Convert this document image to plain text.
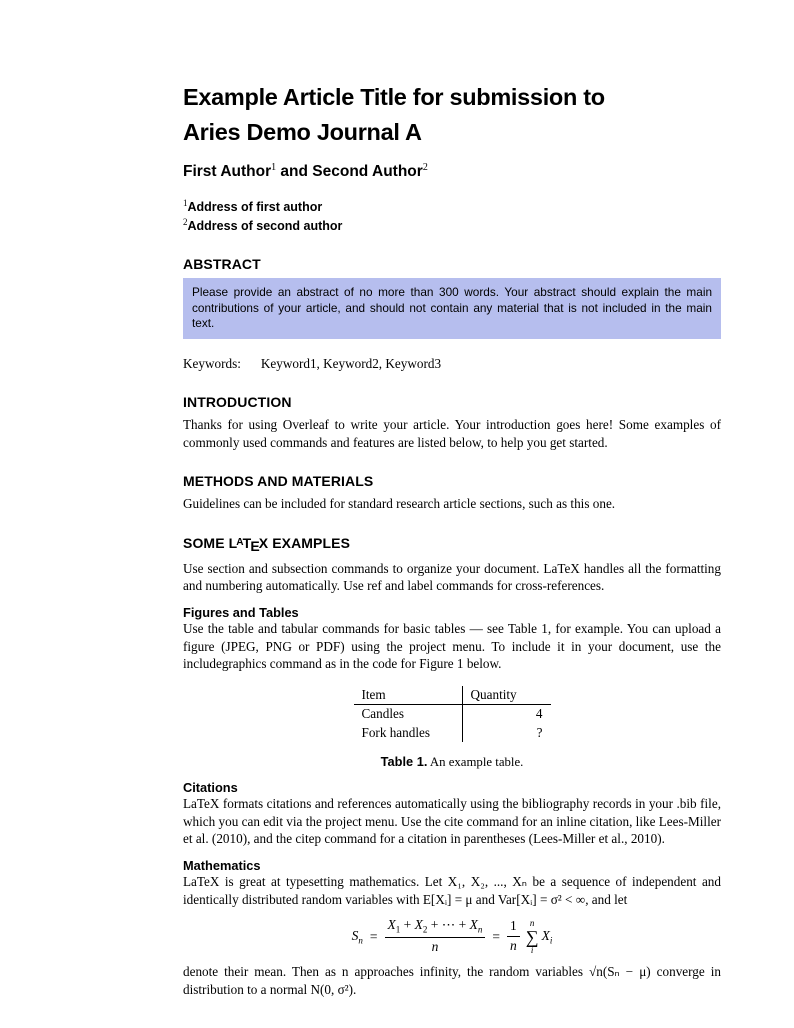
Example Article Title for submission to
Aries Demo Journal A
First Author$^1$ and Second Author$^2$
$^1$Address of first author
$^2$Address of second author
ABSTRACT
Please provide an abstract of no more than 300 words. Your abstract should explain the main contributions of your article, and should not contain any material that is not included in the main text.
Keywords: Keyword1, Keyword2, Keyword3
INTRODUCTION

Thanks for using Overleaf to write your article. Your introduction goes here! Some examples of commonly used commands and features are listed below, to help you get started.

METHODS AND MATERIALS

Guidelines can be included for standard research article sections, such as this one.

SOME LATEX EXAMPLES

Use section and subsection commands to organize your document. LaTeX handles all the formatting and numbering automatically. Use ref and label commands for cross-references.

Figures and Tables

Use the table and tabular commands for basic tables — see Table 1, for example. You can upload a figure (JPEG, PNG or PDF) using the project menu. To include it in your document, use the includegraphics command as in the code for Figure 1 below.

Item	Quantity
Candles	4
Fork handles	?
Table 1. An example table.
Citations

LaTeX formats citations and references automatically using the bibliography records in your .bib file, which you can edit via the project menu. Use the cite command for an inline citation, like Lees-Miller et al. (2010), and the citep command for a citation in parentheses (Lees-Miller et al., 2010).

Mathematics

LaTeX is great at typesetting mathematics. Let X₁, X₂, ..., Xₙ be a sequence of independent and identically distributed random variables with E[Xᵢ] = μ and Var[Xᵢ] = σ² < ∞, and let

$S_n = \frac{X_1 + X_2 + \cdots + X_n}{n} = \frac{1}{n}$ n
∑
i
$X_i$

denote their mean. Then as n approaches infinity, the random variables √n(Sₙ − μ) converge in distribution to a normal N(0, σ²).
